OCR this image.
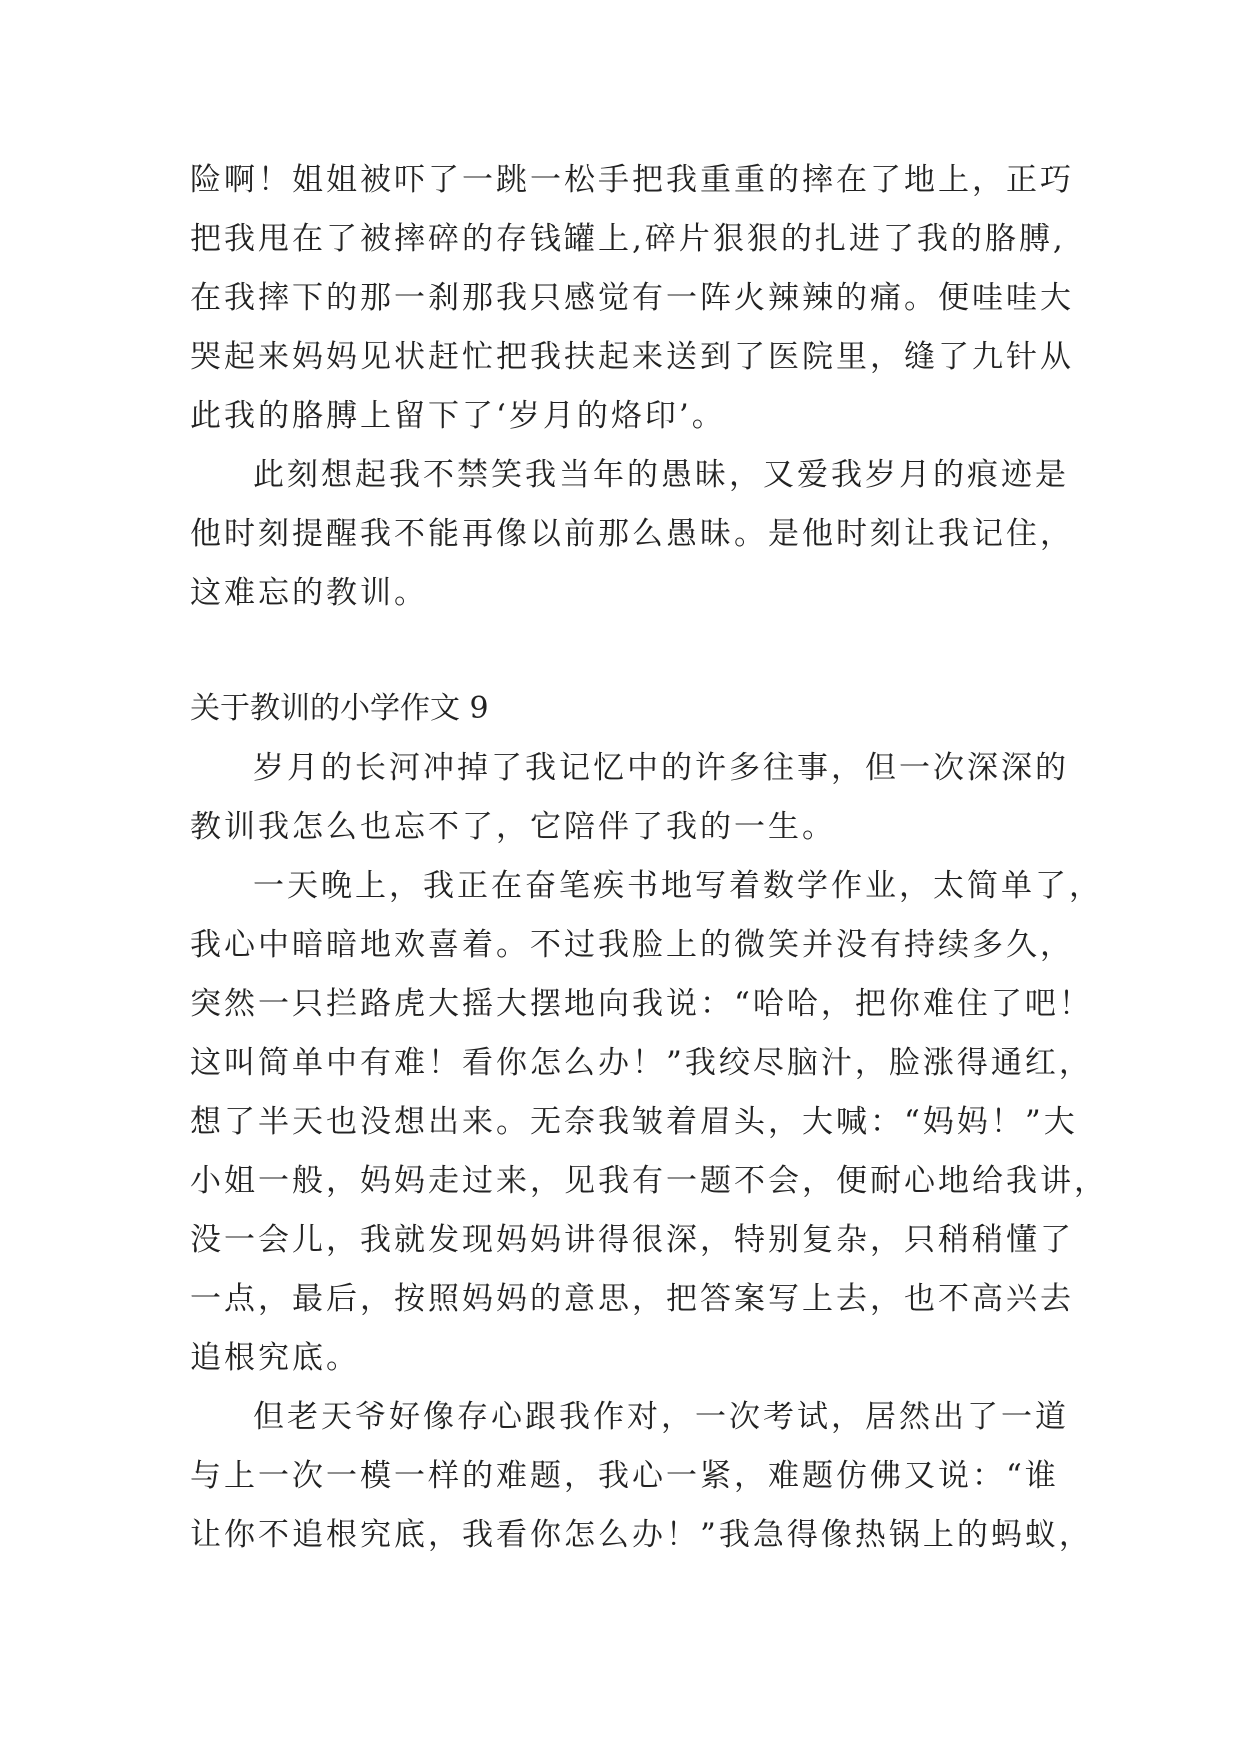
险啊！姐姐被吓了一跳一松手把我重重的摔在了地上，正巧
把我甩在了被摔碎的存钱罐上,碎片狠狠的扎进了我的胳膊,
在我摔下的那一刹那我只感觉有一阵火辣辣的痛。便哇哇大
哭起来妈妈见状赶忙把我扶起来送到了医院里，缝了九针从
此我的胳膊上留下了‘岁月的烙印’。
此刻想起我不禁笑我当年的愚昧，又爱我岁月的痕迹是
他时刻提醒我不能再像以前那么愚昧。是他时刻让我记住，
这难忘的教训。
关于教训的小学作文 9
岁月的长河冲掉了我记忆中的许多往事，但一次深深的
教训我怎么也忘不了，它陪伴了我的一生。
一天晚上，我正在奋笔疾书地写着数学作业，太简单了，
我心中暗暗地欢喜着。不过我脸上的微笑并没有持续多久，
突然一只拦路虎大摇大摆地向我说：“哈哈，把你难住了吧！
这叫简单中有难！看你怎么办！”我绞尽脑汁，脸涨得通红，
想了半天也没想出来。无奈我皱着眉头，大喊：“妈妈！”大
小姐一般，妈妈走过来，见我有一题不会，便耐心地给我讲，
没一会儿，我就发现妈妈讲得很深，特别复杂，只稍稍懂了
一点，最后，按照妈妈的意思，把答案写上去，也不高兴去
追根究底。
但老天爷好像存心跟我作对，一次考试，居然出了一道
与上一次一模一样的难题，我心一紧，难题仿佛又说：“谁
让你不追根究底，我看你怎么办！”我急得像热锅上的蚂蚁，
